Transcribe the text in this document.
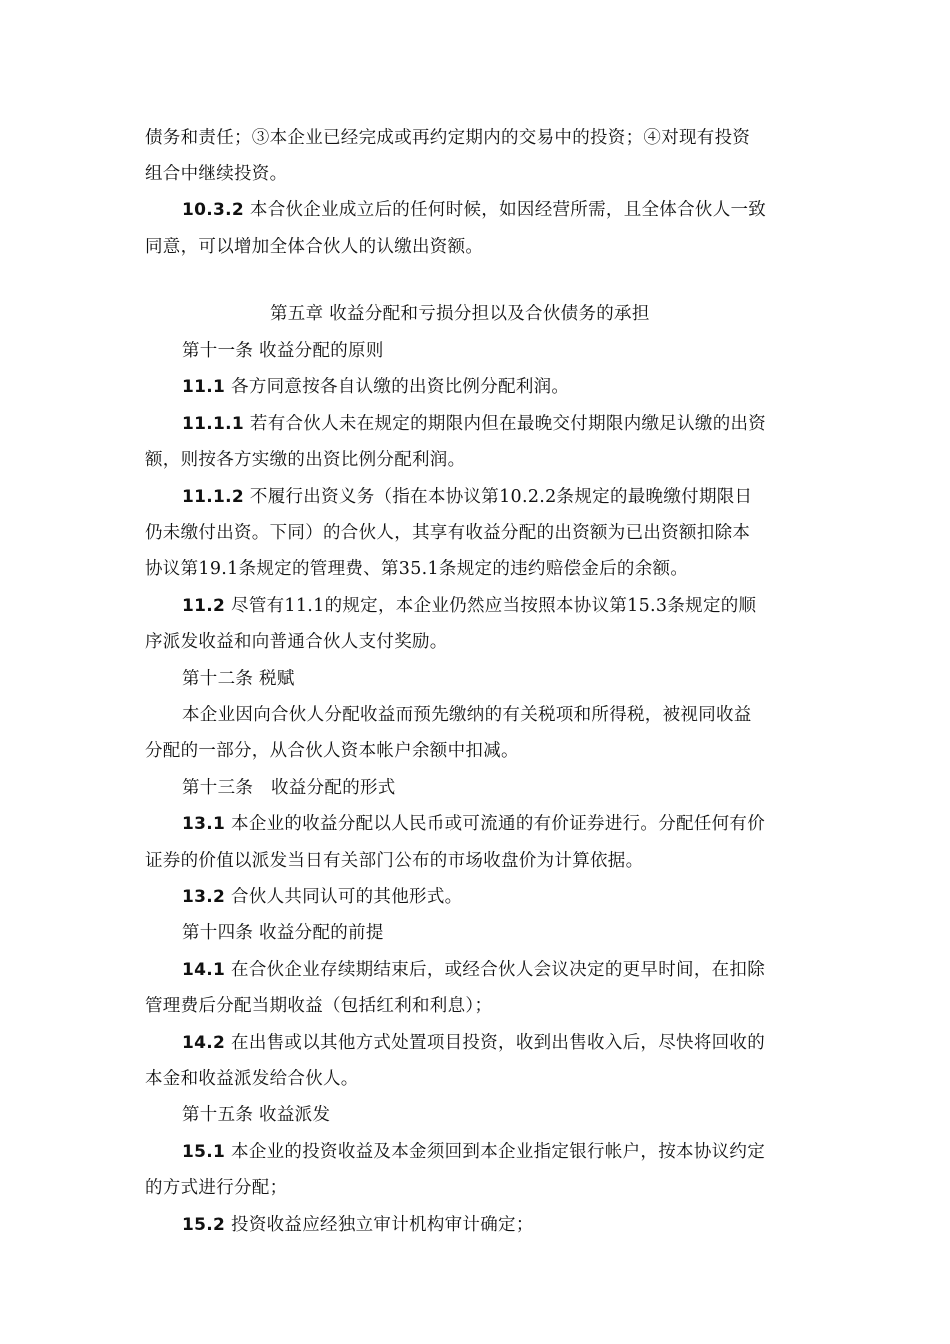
债务和责任；③本企业已经完成或再约定期内的交易中的投资；④对现有投资
组合中继续投资。
10.3.2 本合伙企业成立后的任何时候，如因经营所需，且全体合伙人一致
同意，可以增加全体合伙人的认缴出资额。
第五章 收益分配和亏损分担以及合伙债务的承担
第十一条 收益分配的原则
11.1 各方同意按各自认缴的出资比例分配利润。
11.1.1 若有合伙人未在规定的期限内但在最晚交付期限内缴足认缴的出资
额，则按各方实缴的出资比例分配利润。
11.1.2 不履行出资义务（指在本协议第10.2.2条规定的最晚缴付期限日
仍未缴付出资。下同）的合伙人，其享有收益分配的出资额为已出资额扣除本
协议第19.1条规定的管理费、第35.1条规定的违约赔偿金后的余额。
11.2 尽管有11.1的规定，本企业仍然应当按照本协议第15.3条规定的顺
序派发收益和向普通合伙人支付奖励。
第十二条 税赋
本企业因向合伙人分配收益而预先缴纳的有关税项和所得税，被视同收益
分配的一部分，从合伙人资本帐户余额中扣减。
第十三条　收益分配的形式
13.1 本企业的收益分配以人民币或可流通的有价证券进行。分配任何有价
证券的价值以派发当日有关部门公布的市场收盘价为计算依据。
13.2 合伙人共同认可的其他形式。
第十四条 收益分配的前提
14.1 在合伙企业存续期结束后，或经合伙人会议决定的更早时间，在扣除
管理费后分配当期收益（包括红利和利息）；
14.2 在出售或以其他方式处置项目投资，收到出售收入后，尽快将回收的
本金和收益派发给合伙人。
第十五条 收益派发
15.1 本企业的投资收益及本金须回到本企业指定银行帐户，按本协议约定
的方式进行分配；
15.2 投资收益应经独立审计机构审计确定；
